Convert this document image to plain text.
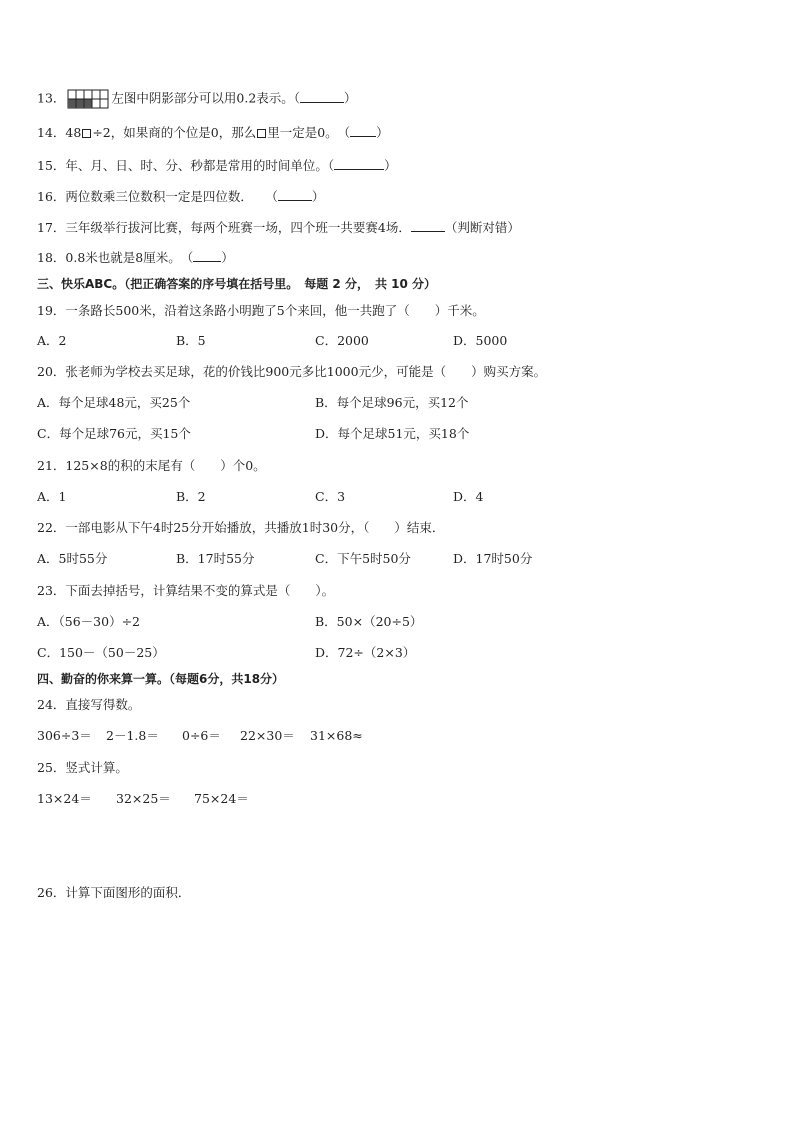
13．	左图中阴影部分可以用0.2表示。（	）
14．48 ÷2，如果商的个位是0，那么 里一定是0。　（ ）
15．年、月、日、时、分、秒都是常用的时间单位。（	）
16．两位数乘三位数积一定是四位数．　　（	）
17．三年级举行拔河比赛，每两个班赛一场，四个班一共要赛4场．	（判断对错）
18．0.8米也就是8厘米。　（ ）
三、快乐ABC。（把正确答案的序号填在括号里。　每题 2 分，　共 10 分）
19．一条路长500米，沿着这条路小明跑了5个来回，他一共跑了（　　）千米。
A．2	B．5	C．2000	D．5000
20．张老师为学校去买足球，花的价钱比900元多比1000元少，可能是（　　）购买方案。
A．每个足球48元，买25个	B．每个足球96元，买12个
C．每个足球76元，买15个	D．每个足球51元，买18个
21．125×8的积的末尾有（　　）个0。
A．1	B．2	C．3	D．4
22．一部电影从下午4时25分开始播放，共播放1时30分，（　　）结束．
A．5时55分	B．17时55分	C．下午5时50分	D．17时50分
23．下面去掉括号，计算结果不变的算式是（　　）。
A．（56－30）÷2	B．50×（20÷5）
C．150－（50－25）	D．72÷（2×3）
四、勤奋的你来算一算。（每题6分，共18分）
24．直接写得数。
306÷3＝ 2－1.8＝ 0÷6＝ 22×30＝ 31×68≈
25．竖式计算。
13×24＝ 32×25＝ 75×24＝
26．计算下面图形的面积．
